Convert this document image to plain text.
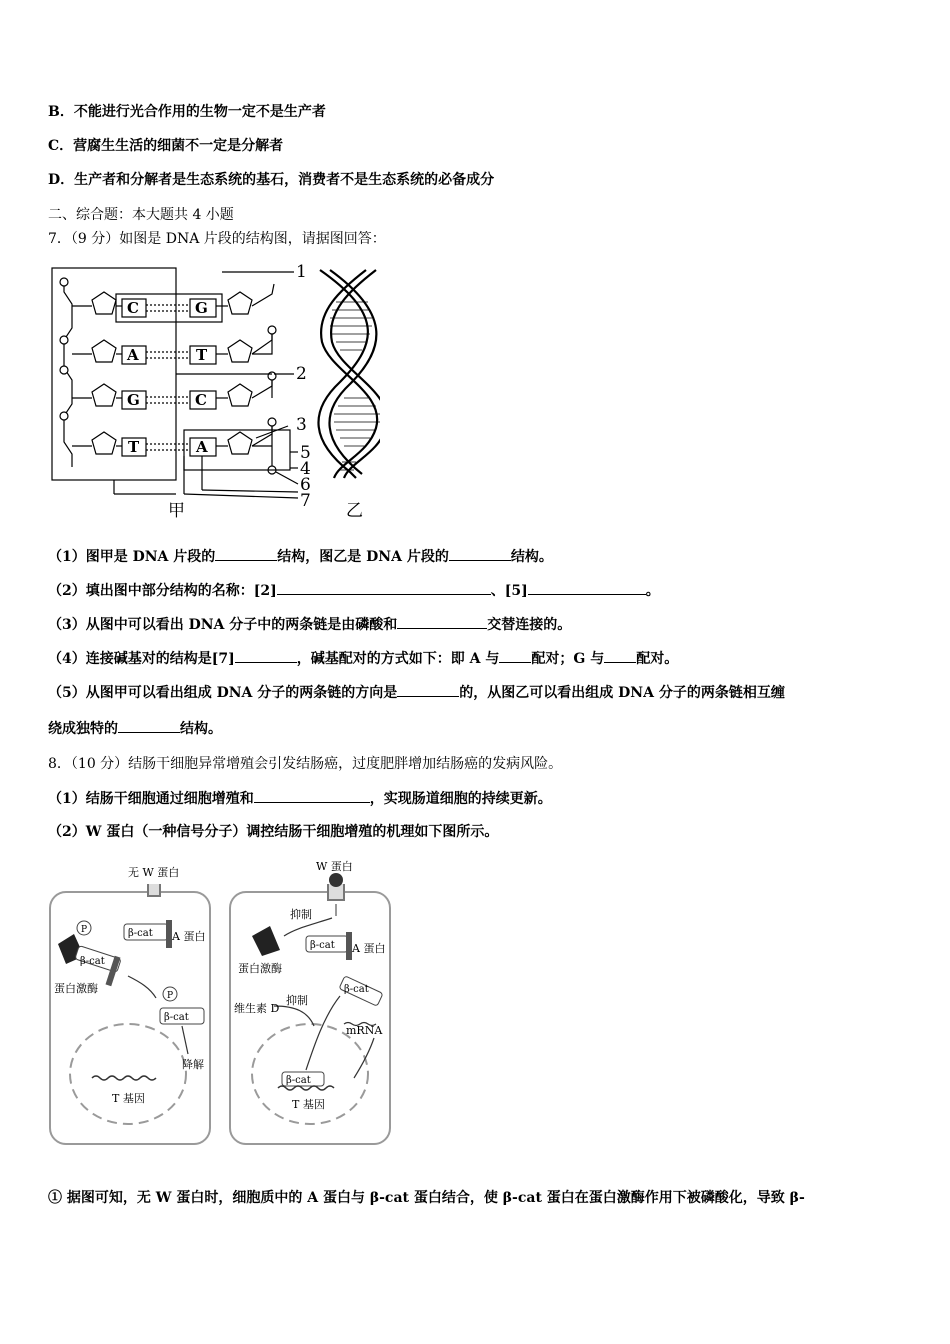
B．不能进行光合作用的生物一定不是生产者
C．营腐生生活的细菌不一定是分解者
D．生产者和分解者是生态系统的基石，消费者不是生态系统的必备成分
二、综合题：本大题共 4 小题
7．（9 分）如图是 DNA 片段的结构图，请据图回答：
C	G
A	T
G	C
T	A
1
2
3
5
4
6
7
甲	乙
（1）图甲是 DNA 片段的	结构，图乙是 DNA 片段的	结构。
（2）填出图中部分结构的名称：[2]	、[5]	。
（3）从图中可以看出 DNA 分子中的两条链是由磷酸和	交替连接的。
（4）连接碱基对的结构是[7]	，碱基配对的方式如下：即 A 与 配对；G 与 配对。
（5）从图甲可以看出组成 DNA 分子的两条链的方向是	的，从图乙可以看出组成 DNA 分子的两条链相互缠
绕成独特的	结构。
8．（10 分）结肠干细胞异常增殖会引发结肠癌，过度肥胖增加结肠癌的发病风险。
（1）结肠干细胞通过细胞增殖和	，实现肠道细胞的持续更新。
（2）W 蛋白（一种信号分子）调控结肠干细胞增殖的机理如下图所示。
无 W 蛋白	W 蛋白
P
P
β-cat A 蛋白
β-cat
蛋白激酶
β-cat
降解
T 基因
抑制
β-cat A 蛋白
蛋白激酶
抑制
维生素 D
β-cat
mRNA
β-cat
T 基因
① 据图可知，无 W 蛋白时，细胞质中的 A 蛋白与 β-cat 蛋白结合，使 β-cat 蛋白在蛋白激酶作用下被磷酸化，导致 β-
